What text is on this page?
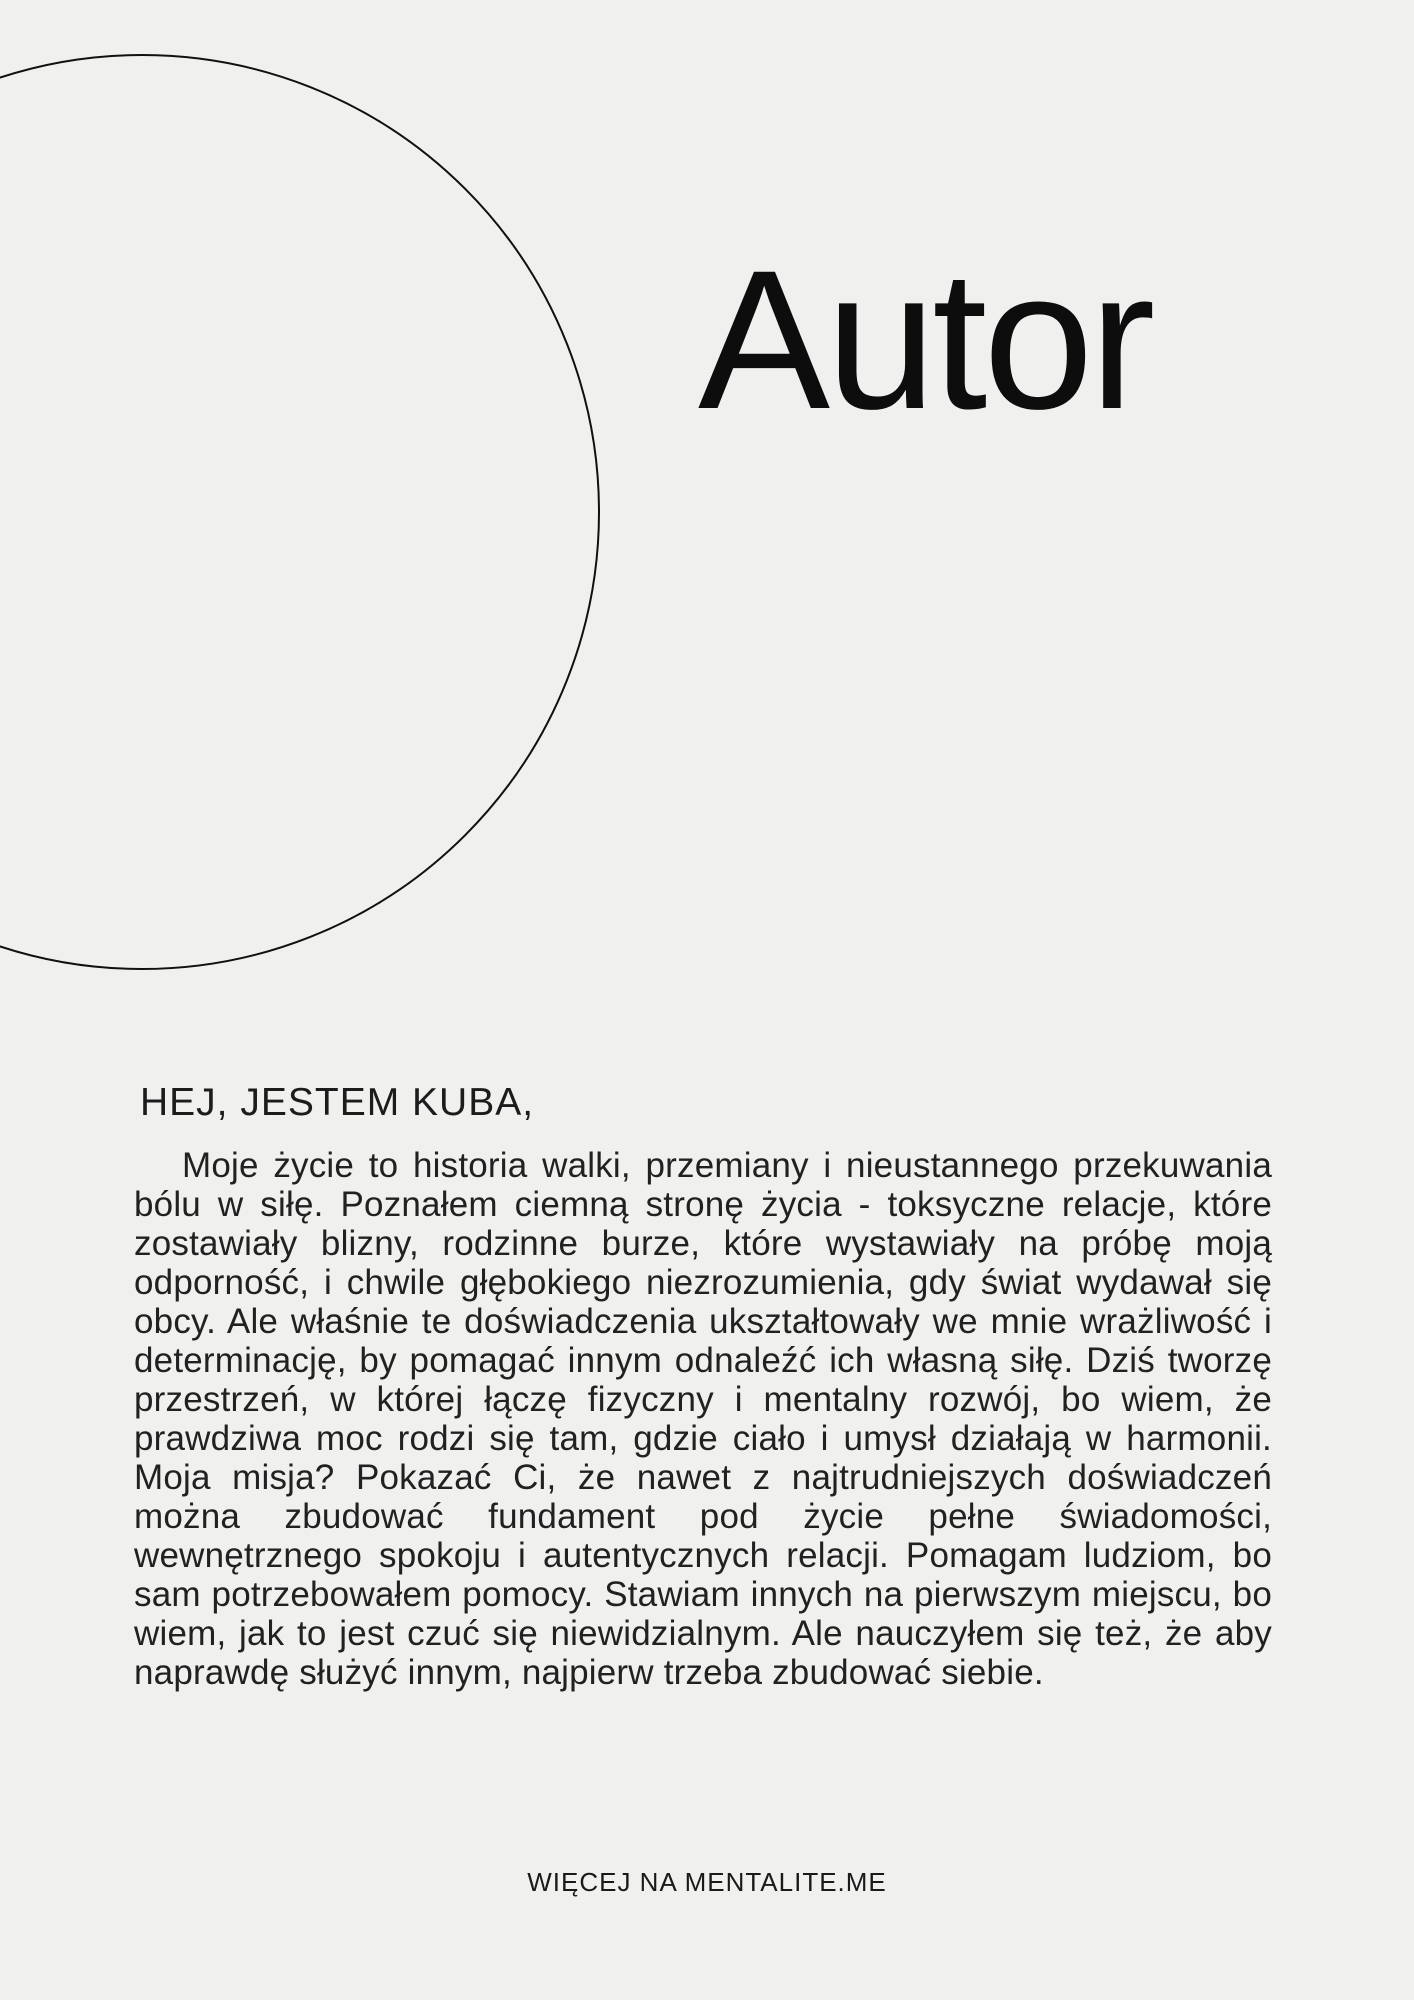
Autor
HEJ, JESTEM KUBA,

Moje życie to historia walki, przemiany i nieustannego przekuwania bólu w siłę. Poznałem ciemną stronę życia - toksyczne relacje, które zostawiały blizny, rodzinne burze, które wystawiały na próbę moją odporność, i chwile głębokiego niezrozumienia, gdy świat wydawał się obcy. Ale właśnie te doświadczenia ukształtowały we mnie wrażliwość i determinację, by pomagać innym odnaleźć ich własną siłę. Dziś tworzę przestrzeń, w której łączę fizyczny i mentalny rozwój, bo wiem, że prawdziwa moc rodzi się tam, gdzie ciało i umysł działają w harmonii. Moja misja? Pokazać Ci, że nawet z najtrudniejszych doświadczeń można zbudować fundament pod życie pełne świadomości, wewnętrznego spokoju i autentycznych relacji. Pomagam ludziom, bo sam potrzebowałem pomocy. Stawiam innych na pierwszym miejscu, bo wiem, jak to jest czuć się niewidzialnym. Ale nauczyłem się też, że aby naprawdę służyć innym, najpierw trzeba zbudować siebie.

WIĘCEJ NA MENTALITE.ME
